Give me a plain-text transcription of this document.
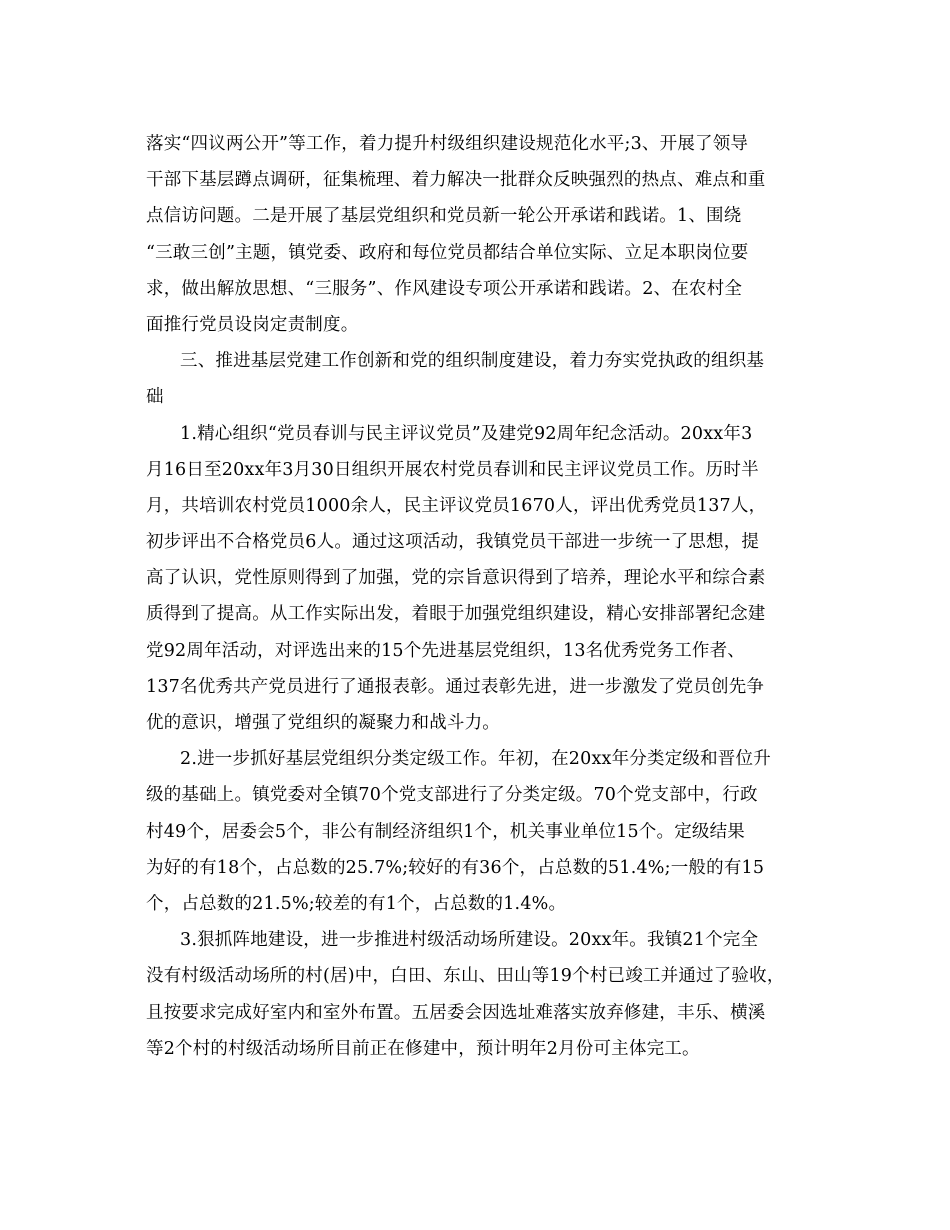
落实“四议两公开”等工作，着力提升村级组织建设规范化水平;3、开展了领导
干部下基层蹲点调研，征集梳理、着力解决一批群众反映强烈的热点、难点和重
点信访问题。二是开展了基层党组织和党员新一轮公开承诺和践诺。1、围绕
“三敢三创”主题，镇党委、政府和每位党员都结合单位实际、立足本职岗位要
求，做出解放思想、“三服务”、作风建设专项公开承诺和践诺。2、在农村全
面推行党员设岗定责制度。
三、推进基层党建工作创新和党的组织制度建设，着力夯实党执政的组织基
础
1.精心组织“党员春训与民主评议党员”及建党92周年纪念活动。20xx年3
月16日至20xx年3月30日组织开展农村党员春训和民主评议党员工作。历时半
月，共培训农村党员1000余人，民主评议党员1670人，评出优秀党员137人，
初步评出不合格党员6人。通过这项活动，我镇党员干部进一步统一了思想，提
高了认识，党性原则得到了加强，党的宗旨意识得到了培养，理论水平和综合素
质得到了提高。从工作实际出发，着眼于加强党组织建设，精心安排部署纪念建
党92周年活动，对评选出来的15个先进基层党组织，13名优秀党务工作者、
137名优秀共产党员进行了通报表彰。通过表彰先进，进一步激发了党员创先争
优的意识，增强了党组织的凝聚力和战斗力。
2.进一步抓好基层党组织分类定级工作。年初，在20xx年分类定级和晋位升
级的基础上。镇党委对全镇70个党支部进行了分类定级。70个党支部中，行政
村49个，居委会5个，非公有制经济组织1个，机关事业单位15个。定级结果
为好的有18个，占总数的25.7%;较好的有36个，占总数的51.4%;一般的有15
个，占总数的21.5%;较差的有1个，占总数的1.4%。
3.狠抓阵地建设，进一步推进村级活动场所建设。20xx年。我镇21个完全
没有村级活动场所的村(居)中，白田、东山、田山等19个村已竣工并通过了验收，
且按要求完成好室内和室外布置。五居委会因选址难落实放弃修建，丰乐、横溪
等2个村的村级活动场所目前正在修建中，预计明年2月份可主体完工。
